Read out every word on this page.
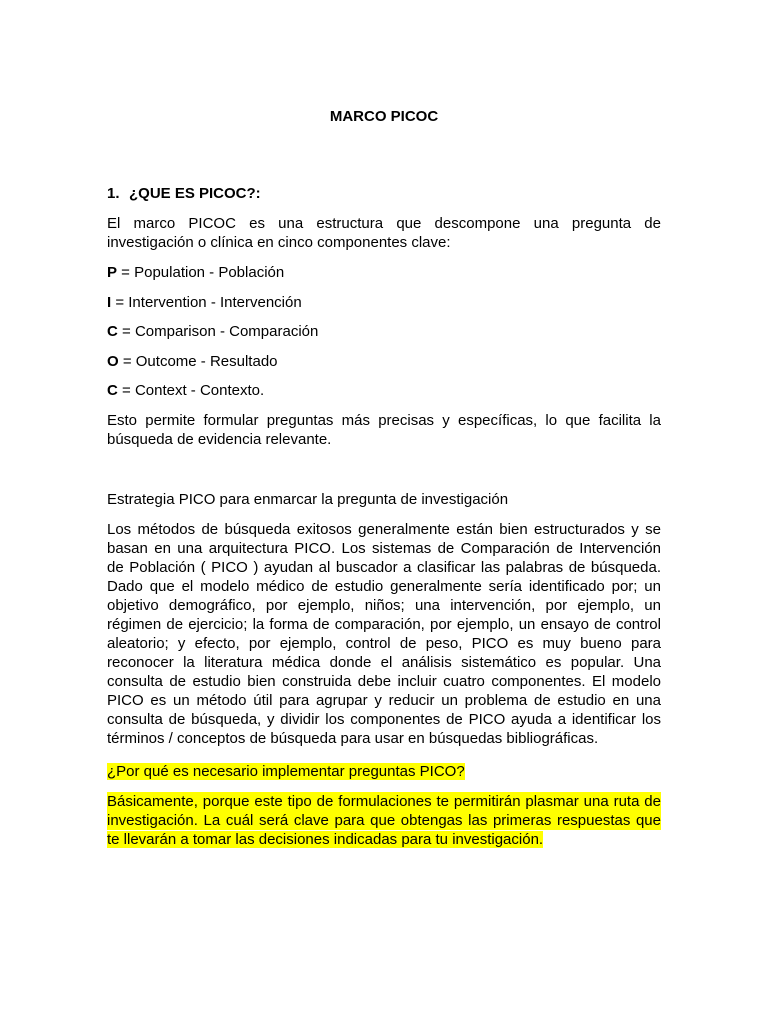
MARCO PICOC
1. ¿QUE ES PICOC?:
El marco PICOC es una estructura que descompone una pregunta de
investigación o clínica en cinco componentes clave:
P = Population - Población
I = Intervention - Intervención
C = Comparison - Comparación
O = Outcome - Resultado
C = Context - Contexto.
Esto permite formular preguntas más precisas y específicas, lo que facilita la
búsqueda de evidencia relevante.
Estrategia PICO para enmarcar la pregunta de investigación
Los métodos de búsqueda exitosos generalmente están bien estructurados y se
basan en una arquitectura PICO. Los sistemas de Comparación de Intervención
de Población ( PICO ) ayudan al buscador a clasificar las palabras de búsqueda.
Dado que el modelo médico de estudio generalmente sería identificado por; un
objetivo demográfico, por ejemplo, niños; una intervención, por ejemplo, un
régimen de ejercicio; la forma de comparación, por ejemplo, un ensayo de control
aleatorio; y efecto, por ejemplo, control de peso, PICO es muy bueno para
reconocer la literatura médica donde el análisis sistemático es popular. Una
consulta de estudio bien construida debe incluir cuatro componentes. El modelo
PICO es un método útil para agrupar y reducir un problema de estudio en una
consulta de búsqueda, y dividir los componentes de PICO ayuda a identificar los
términos / conceptos de búsqueda para usar en búsquedas bibliográficas.
¿Por qué es necesario implementar preguntas PICO?
Básicamente, porque este tipo de formulaciones te permitirán plasmar una ruta de
investigación. La cuál será clave para que obtengas las primeras respuestas que
te llevarán a tomar las decisiones indicadas para tu investigación.
